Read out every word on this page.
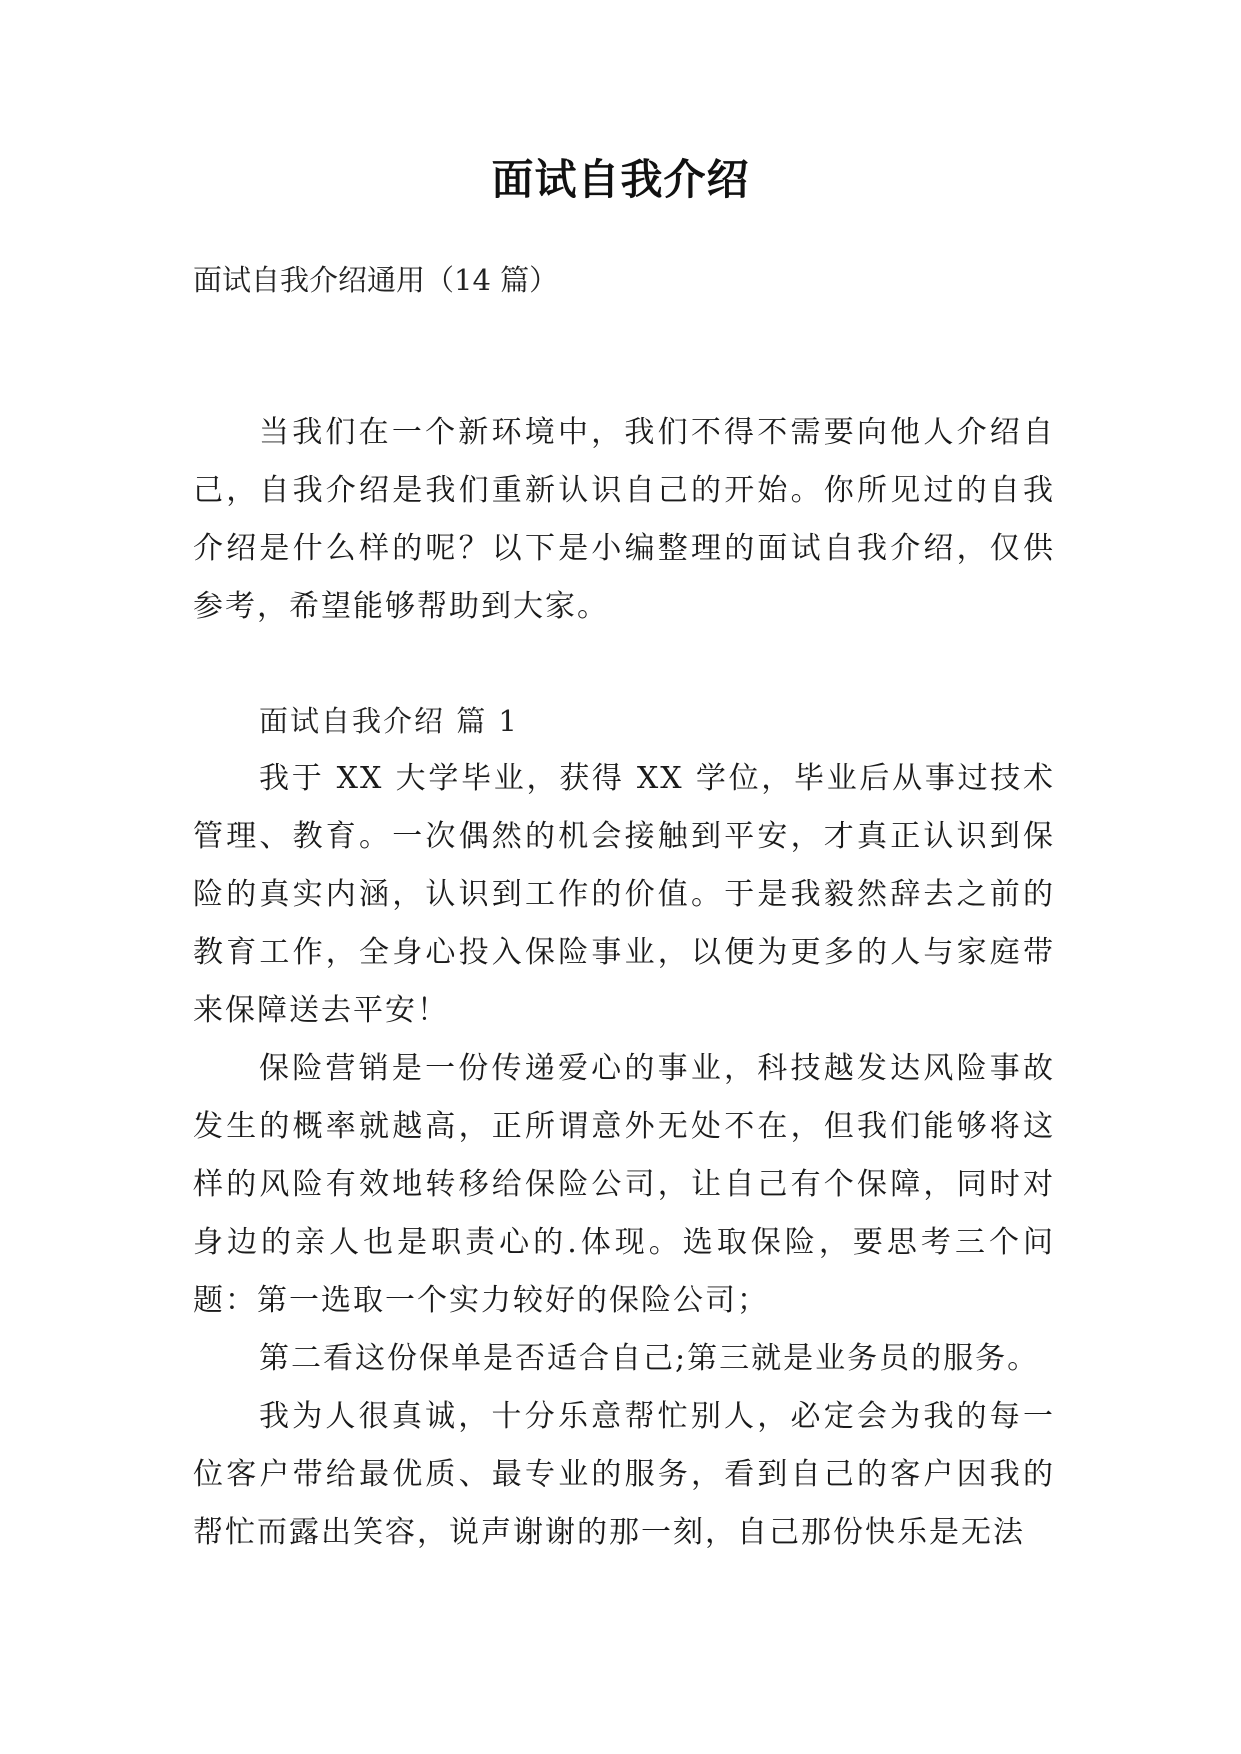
面试自我介绍
面试自我介绍通用（14 篇）

当我们在一个新环境中，我们不得不需要向他人介绍自己，自我介绍是我们重新认识自己的开始。你所见过的自我介绍是什么样的呢？以下是小编整理的面试自我介绍，仅供参考，希望能够帮助到大家。

面试自我介绍 篇 1

我于 XX 大学毕业，获得 XX 学位，毕业后从事过技术管理、教育。一次偶然的机会接触到平安，才真正认识到保险的真实内涵，认识到工作的价值。于是我毅然辞去之前的教育工作，全身心投入保险事业，以便为更多的人与家庭带来保障送去平安！

保险营销是一份传递爱心的事业，科技越发达风险事故发生的概率就越高，正所谓意外无处不在，但我们能够将这样的风险有效地转移给保险公司，让自己有个保障，同时对身边的亲人也是职责心的.体现。选取保险，要思考三个问题：第一选取一个实力较好的保险公司；

第二看这份保单是否适合自己;第三就是业务员的服务。

我为人很真诚，十分乐意帮忙别人，必定会为我的每一位客户带给最优质、最专业的服务，看到自己的客户因我的帮忙而露出笑容，说声谢谢的那一刻，自己那份快乐是无法
